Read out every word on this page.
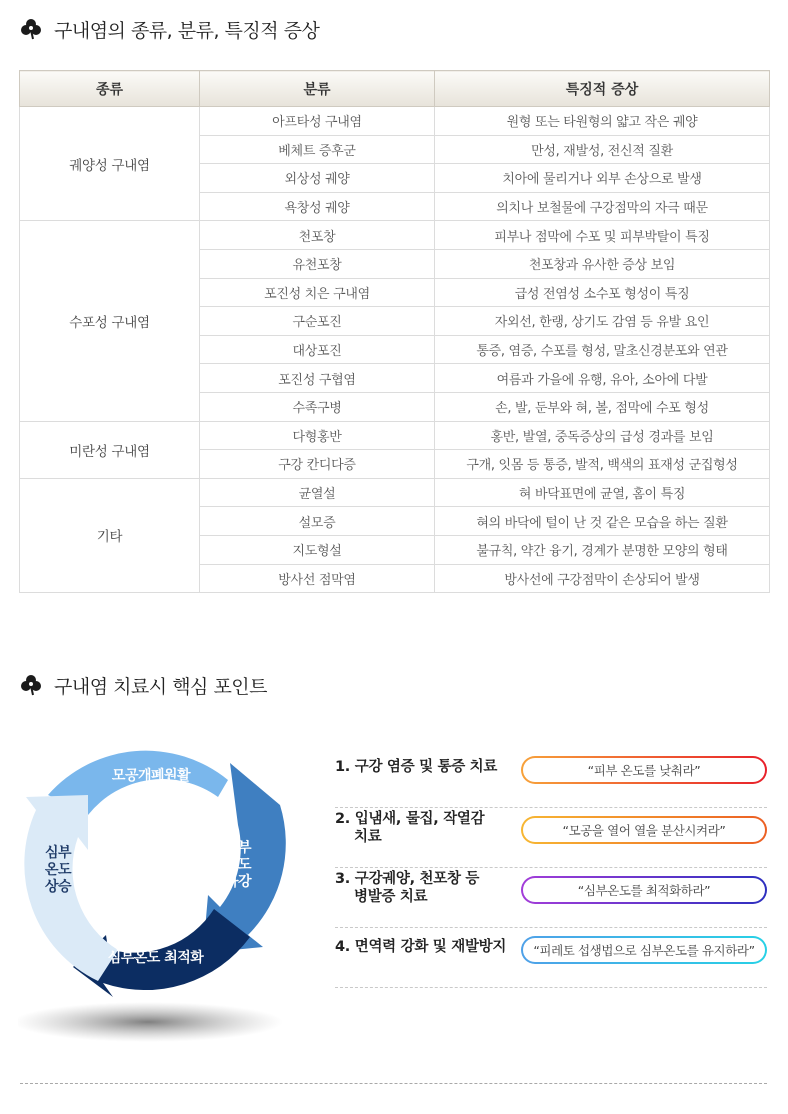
구내염의 종류, 분류, 특징적 증상
종류	분류	특징적 증상
궤양성 구내염	아프타성 구내염	원형 또는 타원형의 얇고 작은 궤양
	베체트 증후군	만성, 재발성, 전신적 질환
	외상성 궤양	치아에 물리거나 외부 손상으로 발생
	욕창성 궤양	의치나 보철물에 구강점막의 자극 때문
수포성 구내염	천포창	피부나 점막에 수포 및 피부박탈이 특징
	유천포창	천포창과 유사한 증상 보임
	포진성 치은 구내염	급성 전염성 소수포 형성이 특징
	구순포진	자외선, 한랭, 상기도 감염 등 유발 요인
	대상포진	통증, 염증, 수포를 형성, 말초신경분포와 연관
	포진성 구협염	여름과 가을에 유행, 유아, 소아에 다발
	수족구병	손, 발, 둔부와 혀, 볼, 점막에 수포 형성
미란성 구내염	다형홍반	홍반, 발열, 중독증상의 급성 경과를 보임
	구강 칸디다증	구개, 잇몸 등 통증, 발적, 백색의 표재성 군집형성
기타	균열설	혀 바닥표면에 균열, 홈이 특징
	설모증	혀의 바닥에 털이 난 것 같은 모습을 하는 질환
	지도형설	불규칙, 약간 융기, 경계가 분명한 모양의 형태
	방사선 점막염	방사선에 구강점막이 손상되어 발생
구내염 치료시 핵심 포인트
모공개폐원활
피부
온도
하강
심부온도 최적화
심부
온도
상승
1. 구강 염증 및 통증 치료	“피부 온도를 낮춰라”
2. 입냄새, 물집, 작열감
치료	“모공을 열어 열을 분산시켜라”
3. 구강궤양, 천포창 등
병발증 치료	“심부온도를 최적화하라”
4. 면역력 강화 및 재발방지	“피레토 섭생법으로 심부온도를 유지하라”
